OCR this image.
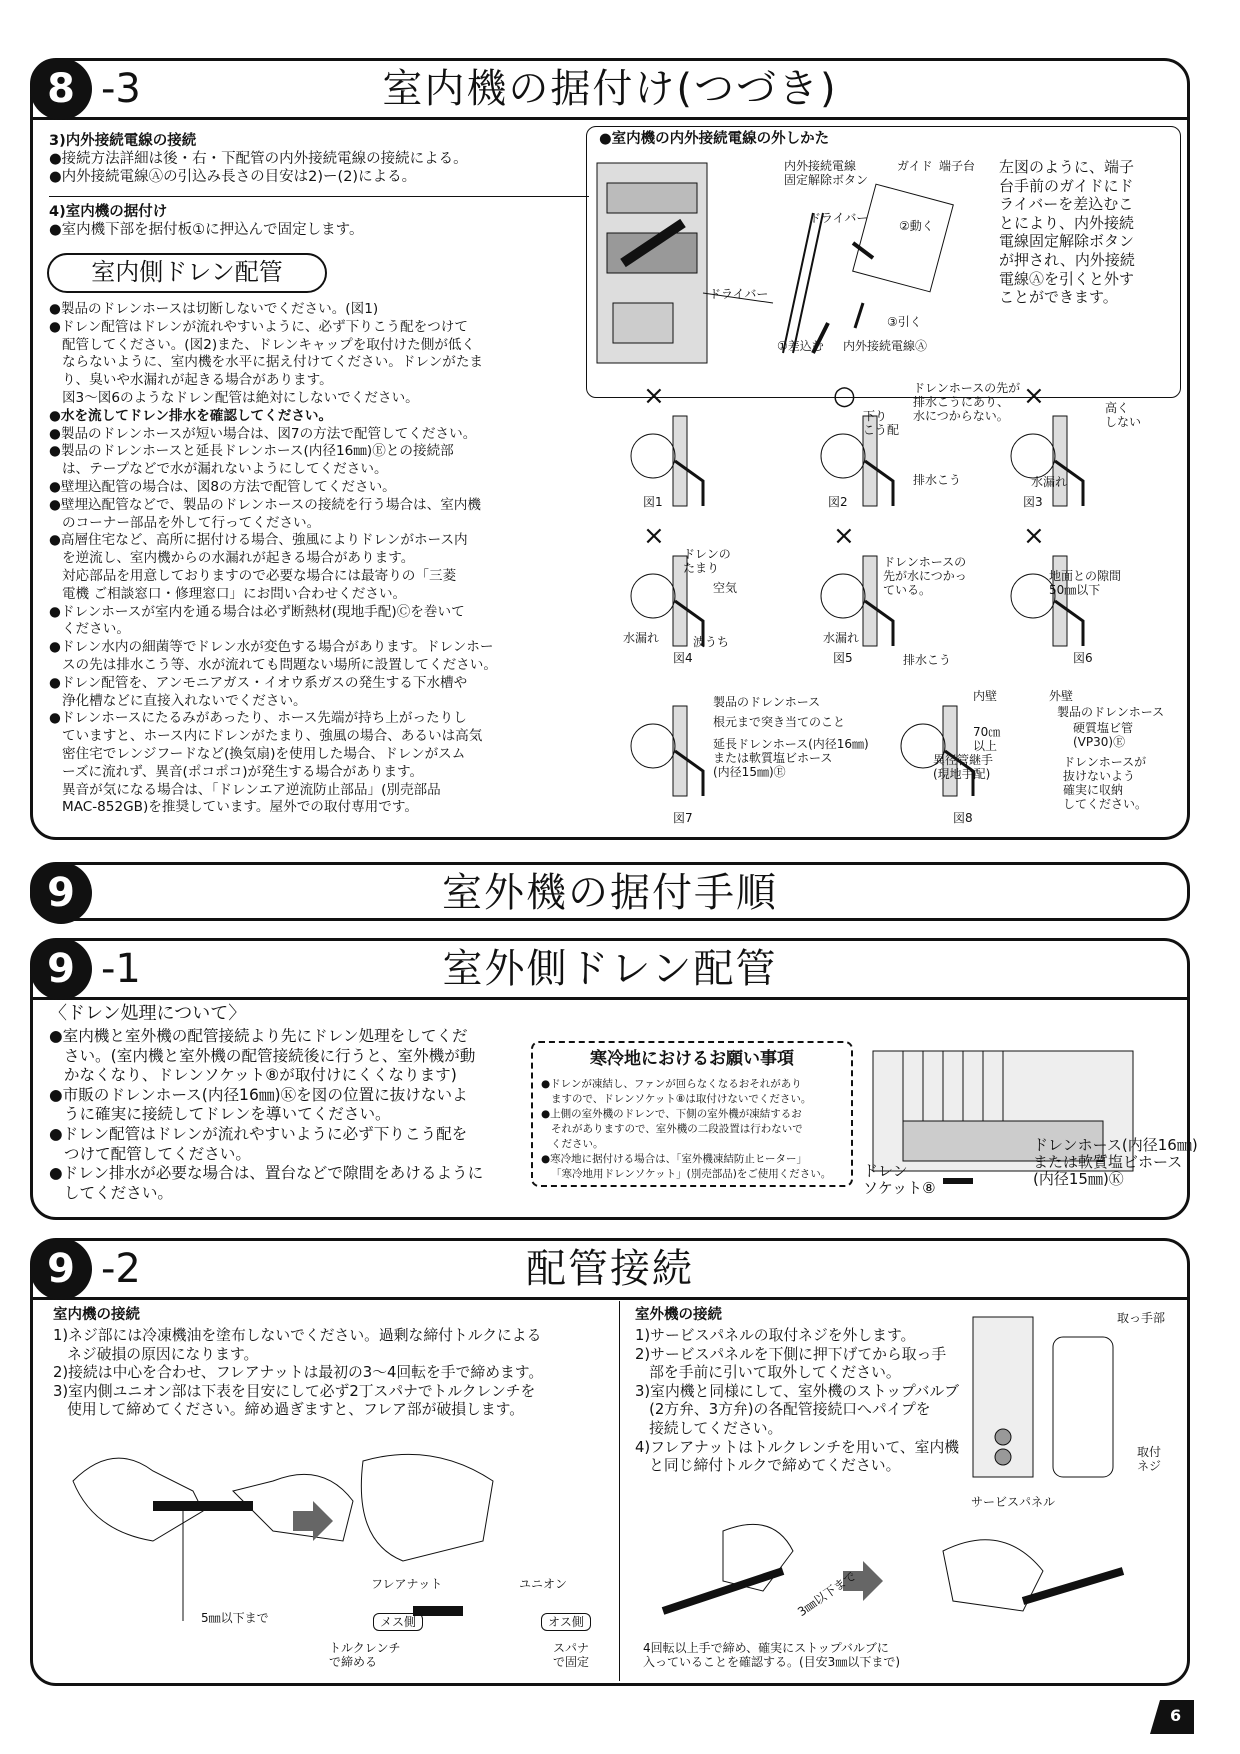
8 -3	室内機の据付け(つづき)
3)内外接続電線の接続
●接続方法詳細は後・右・下配管の内外接続電線の接続による。
●内外接続電線Ⓐの引込み長さの目安は2)ー(2)による。
4)室内機の据付け
●室内機下部を据付板①に押込んで固定します。
室内側ドレン配管
●製品のドレンホースは切断しないでください。(図1)
●ドレン配管はドレンが流れやすいように、必ず下りこう配をつけて
配管してください。(図2)また、ドレンキャップを取付けた側が低く
ならないように、室内機を水平に据え付けてください。ドレンがたま
り、臭いや水漏れが起きる場合があります。
図3〜図6のようなドレン配管は絶対にしないでください。
●水を流してドレン排水を確認してください。
●製品のドレンホースが短い場合は、図7の方法で配管してください。
●製品のドレンホースと延長ドレンホース(内径16㎜)Ⓔとの接続部
は、テープなどで水が漏れないようにしてください。
●壁埋込配管の場合は、図8の方法で配管してください。
●壁埋込配管などで、製品のドレンホースの接続を行う場合は、室内機
のコーナー部品を外して行ってください。
●高層住宅など、高所に据付ける場合、強風によりドレンがホース内
を逆流し、室内機からの水漏れが起きる場合があります。
対応部品を用意しておりますので必要な場合には最寄りの「三菱
電機 ご相談窓口・修理窓口」にお問い合わせください。
●ドレンホースが室内を通る場合は必ず断熱材(現地手配)Ⓒを巻いて
ください。
●ドレン水内の細菌等でドレン水が変色する場合があります。ドレンホー
スの先は排水こう等、水が流れても問題ない場所に設置してください。
●ドレン配管を、アンモニアガス・イオウ系ガスの発生する下水槽や
浄化槽などに直接入れないでください。
●ドレンホースにたるみがあったり、ホース先端が持ち上がったりし
ていますと、ホース内にドレンがたまり、強風の場合、あるいは高気
密住宅でレンジフードなど(換気扇)を使用した場合、ドレンがスム
ーズに流れず、異音(ポコポコ)が発生する場合があります。
異音が気になる場合は、「ドレンエア逆流防止部品」(別売部品
MAC-852GB)を推奨しています。屋外での取付専用です。
●室内機の内外接続電線の外しかた
内外接続電線
固定解除ボタン
ガイド 端子台
ドライバー
ドライバー
②動く
③引く
①差込む 内外接続電線Ⓐ
左図のように、端子
台手前のガイドにド
ライバーを差込むこ
とにより、内外接続
電線固定解除ボタン
が押され、内外接続
電線Ⓐを引くと外す
ことができます。
×
図1
○
図2
×
図3
×
図4
×
図5
×
図6
図7	図8
ドレンホースの先が
排水こうにあり、
水につからない。
下り
こう配
排水こう
高く
しない
水漏れ
ドレンの
たまり
空気
水漏れ	波うち
ドレンホースの
先が水につかっ
ている。
水漏れ
排水こう
地面との隙間
50㎜以下
製品のドレンホース
根元まで突き当てのこと
延長ドレンホース(内径16㎜)
または軟質塩ビホース
(内径15㎜)Ⓔ
内壁	外壁
製品のドレンホース
硬質塩ビ管
(VP30)Ⓔ
70㎝
以上
異径管継手
(現地手配)
ドレンホースが
抜けないよう
確実に収納
してください。
9	室外機の据付手順
9 -1	室外側ドレン配管
〈ドレン処理について〉
●室内機と室外機の配管接続より先にドレン処理をしてくだ
さい。(室内機と室外機の配管接続後に行うと、室外機が動
かなくなり、ドレンソケット⑧が取付けにくくなります)
●市販のドレンホース(内径16㎜)Ⓚを図の位置に抜けないよ
うに確実に接続してドレンを導いてください。
●ドレン配管はドレンが流れやすいように必ず下りこう配を
つけて配管してください。
●ドレン排水が必要な場合は、置台などで隙間をあけるように
してください。
寒冷地におけるお願い事項
●ドレンが凍結し、ファンが回らなくなるおそれがあり
ますので、ドレンソケット⑧は取付けないでください。
●上側の室外機のドレンで、下側の室外機が凍結するお
それがありますので、室外機の二段設置は行わないで
ください。
●寒冷地に据付ける場合は、「室外機凍結防止ヒーター」
「寒冷地用ドレンソケット」(別売部品)をご使用ください。
ドレンホース(内径16㎜)
または軟質塩ビホース
(内径15㎜)Ⓚ
ドレン
ソケット⑧
9 -2	配管接続
室内機の接続
1)ネジ部には冷凍機油を塗布しないでください。過剰な締付トルクによる
ネジ破損の原因になります。
2)接続は中心を合わせ、フレアナットは最初の3〜4回転を手で締めます。
3)室内側ユニオン部は下表を目安にして必ず2丁スパナでトルクレンチを
使用して締めてください。締め過ぎますと、フレア部が破損します。
5㎜以下まで
フレアナット	ユニオン
メス側	オス側
トルクレンチ
で締める
スパナ
で固定
室外機の接続
1)サービスパネルの取付ネジを外します。
2)サービスパネルを下側に押下げてから取っ手
部を手前に引いて取外してください。
3)室内機と同様にして、室外機のストップバルブ
(2方弁、3方弁)の各配管接続口へパイプを
接続してください。
4)フレアナットはトルクレンチを用いて、室内機
と同じ締付トルクで締めてください。
取っ手部
取付
ネジ
サービスパネル
3㎜以下まで
4回転以上手で締め、確実にストップバルブに
入っていることを確認する。(目安3㎜以下まで)
6
